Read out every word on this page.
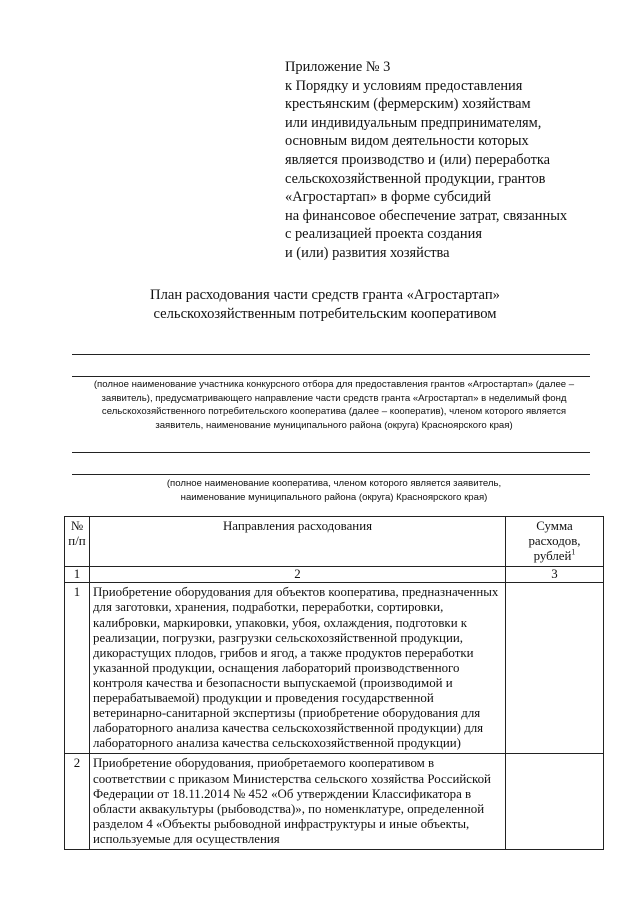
Приложение № 3
к Порядку и условиям предоставления
крестьянским (фермерским) хозяйствам
или индивидуальным предпринимателям,
основным видом деятельности которых
является производство и (или) переработка
сельскохозяйственной продукции, грантов
«Агростартап» в форме субсидий
на финансовое обеспечение затрат, связанных
с реализацией проекта создания
и (или) развития хозяйства
План расходования части средств гранта «Агростартап»
сельскохозяйственным потребительским кооперативом
(полное наименование участника конкурсного отбора для предоставления грантов «Агростартап» (далее –
заявитель), предусматривающего направление части средств гранта «Агростартап» в неделимый фонд
сельскохозяйственного потребительского кооператива (далее – кооператив), членом которого является
заявитель, наименование муниципального района (округа) Красноярского края)
(полное наименование кооператива, членом которого является заявитель,
наименование муниципального района (округа) Красноярского края)
№
п/п	Направления расходования	Сумма расходов,
рублей$^1$

1	2	3
1	Приобретение оборудования для объектов кооператива, предназначенных для заготовки, хранения, подработки, переработки, сортировки, калибровки, маркировки, упаковки, убоя, охлаждения, подготовки к реализации, погрузки, разгрузки сельскохозяйственной продукции, дикорастущих плодов, грибов и ягод, а также продуктов переработки указанной продукции, оснащения лабораторий производственного контроля качества и безопасности выпускаемой (производимой и перерабатываемой) продукции и проведения государственной ветеринарно-санитарной экспертизы (приобретение оборудования для лабораторного анализа качества сельскохозяйственной продукции) для лабораторного анализа качества сельскохозяйственной продукции)	
2	Приобретение оборудования, приобретаемого кооперативом в соответствии с приказом Министерства сельского хозяйства Российской Федерации от 18.11.2014 № 452 «Об утверждении Классификатора в области аквакультуры (рыбоводства)», по номенклатуре, определенной разделом 4 «Объекты рыбоводной инфраструктуры и иные объекты, используемые для осуществления	
